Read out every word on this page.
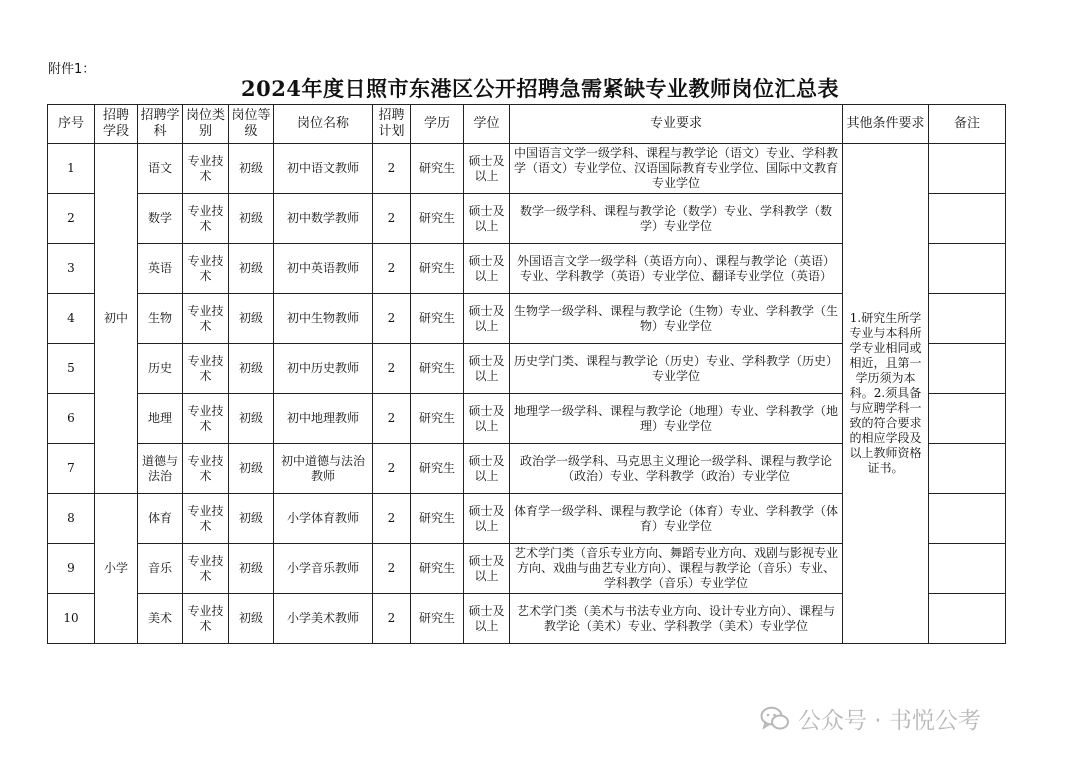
附件1：
2024年度日照市东港区公开招聘急需紧缺专业教师岗位汇总表
序号	招聘学段	招聘学科	岗位类别	岗位等级	岗位名称	招聘计划	学历	学位	专业要求	其他条件要求	备注
1	初中	语文	专业技术	初级	初中语文教师	2	研究生	硕士及以上	中国语言文学一级学科、课程与教学论（语文）专业、学科教学（语文）专业学位、汉语国际教育专业学位、国际中文教育专业学位	1.研究生所学专业与本科所学专业相同或相近，且第一学历须为本科。2.须具备与应聘学科一致的符合要求的相应学段及以上教师资格证书。	
2		数学	专业技术	初级	初中数学教师	2	研究生	硕士及以上	数学一级学科、课程与教学论（数学）专业、学科教学（数学）专业学位		
3		英语	专业技术	初级	初中英语教师	2	研究生	硕士及以上	外国语言文学一级学科（英语方向）、课程与教学论（英语）专业、学科教学（英语）专业学位、翻译专业学位（英语）		
4		生物	专业技术	初级	初中生物教师	2	研究生	硕士及以上	生物学一级学科、课程与教学论（生物）专业、学科教学（生物）专业学位		
5		历史	专业技术	初级	初中历史教师	2	研究生	硕士及以上	历史学门类、课程与教学论（历史）专业、学科教学（历史）专业学位		
6		地理	专业技术	初级	初中地理教师	2	研究生	硕士及以上	地理学一级学科、课程与教学论（地理）专业、学科教学（地理）专业学位		
7		道德与法治	专业技术	初级	初中道德与法治教师	2	研究生	硕士及以上	政治学一级学科、马克思主义理论一级学科、课程与教学论（政治）专业、学科教学（政治）专业学位		
8	小学	体育	专业技术	初级	小学体育教师	2	研究生	硕士及以上	体育学一级学科、课程与教学论（体育）专业、学科教学（体育）专业学位		
9		音乐	专业技术	初级	小学音乐教师	2	研究生	硕士及以上	艺术学门类（音乐专业方向、舞蹈专业方向、戏剧与影视专业方向、戏曲与曲艺专业方向）、课程与教学论（音乐）专业、学科教学（音乐）专业学位		
10		美术	专业技术	初级	小学美术教师	2	研究生	硕士及以上	艺术学门类（美术与书法专业方向、设计专业方向）、课程与教学论（美术）专业、学科教学（美术）专业学位		
公众号 · 书悦公考
